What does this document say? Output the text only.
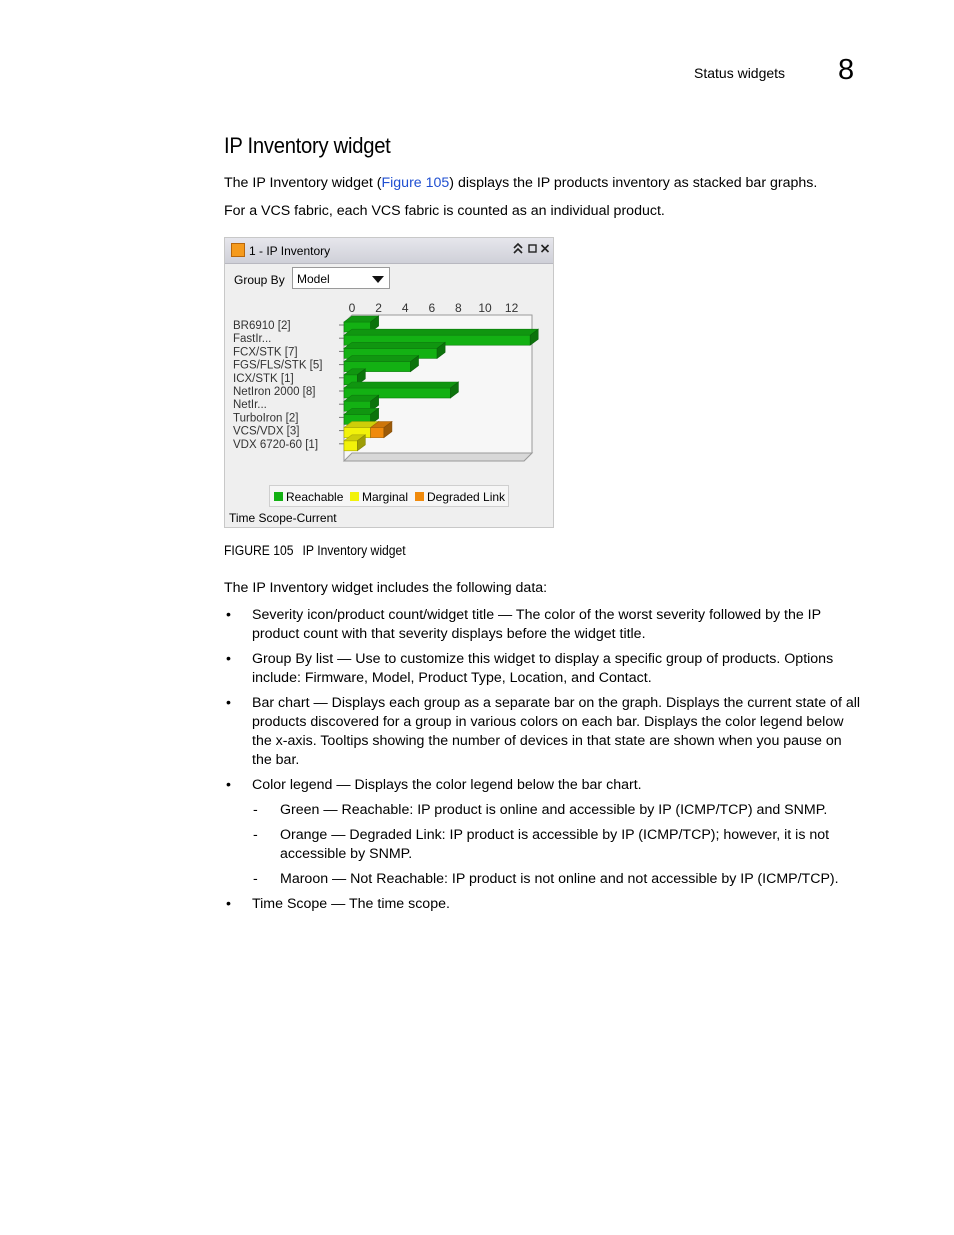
Status widgets 8
IP Inventory widget
The IP Inventory widget (Figure 105) displays the IP products inventory as stacked bar graphs.
For a VCS fabric, each VCS fabric is counted as an individual product.
1 - IP Inventory
Group By Model
0 2 4 6 8 10 12
BR6910 [2]
FastIr...
FCX/STK [7]
FGS/FLS/STK [5]
ICX/STK [1]
NetIron 2000 [8]
NetIr...
TurboIron [2]
VCS/VDX [3]
VDX 6720-60 [1]
Reachable	Marginal	Degraded Link
Time Scope-Current
FIGURE 105 IP Inventory widget
The IP Inventory widget includes the following data:
• Severity icon/product count/widget title — The color of the worst severity followed by the IP product count with that severity displays before the widget title.
• Group By list — Use to customize this widget to display a specific group of products. Options include: Firmware, Model, Product Type, Location, and Contact.
• Bar chart — Displays each group as a separate bar on the graph. Displays the current state of all products discovered for a group in various colors on each bar. Displays the color legend below the x-axis. Tooltips showing the number of devices in that state are shown when you pause on the bar.
• Color legend — Displays the color legend below the bar chart.
- Green — Reachable: IP product is online and accessible by IP (ICMP/TCP) and SNMP.
- Orange — Degraded Link: IP product is accessible by IP (ICMP/TCP); however, it is not accessible by SNMP.
- Maroon — Not Reachable: IP product is not online and not accessible by IP (ICMP/TCP).
• Time Scope — The time scope.
